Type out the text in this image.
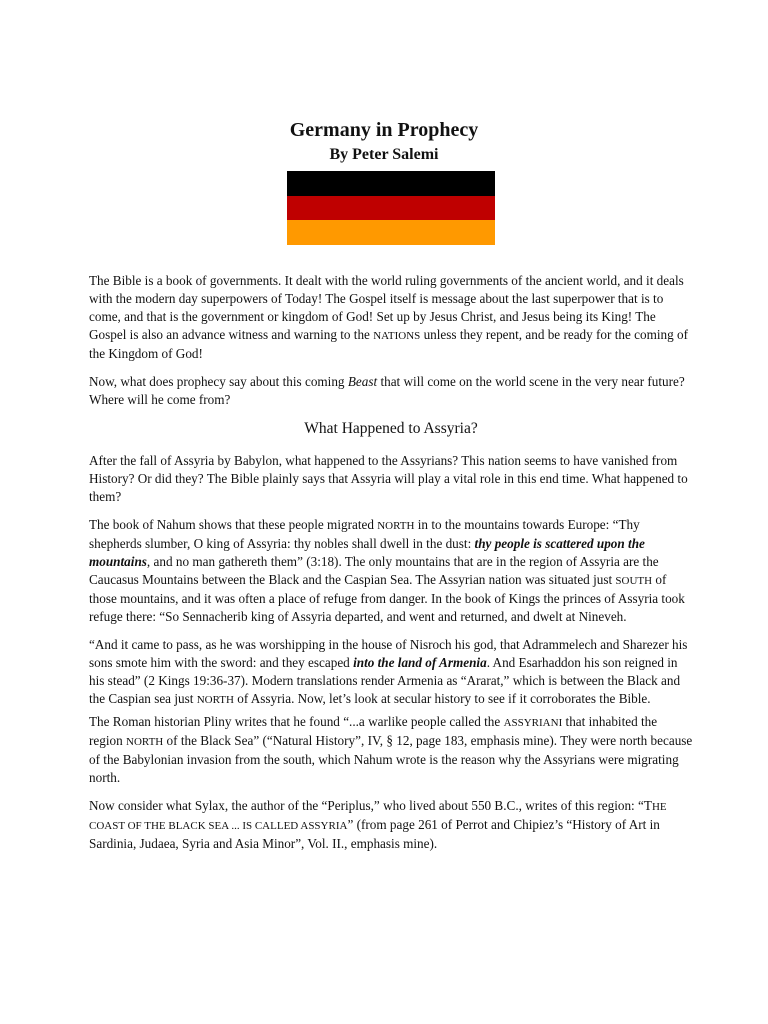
Germany in Prophecy
By Peter Salemi

The Bible is a book of governments. It dealt with the world ruling governments of the ancient world, and it deals with the modern day superpowers of Today! The Gospel itself is message about the last superpower that is to come, and that is the government or kingdom of God! Set up by Jesus Christ, and Jesus being its King! The Gospel is also an advance witness and warning to the NATIONS unless they repent, and be ready for the coming of the Kingdom of God!

Now, what does prophecy say about this coming Beast that will come on the world scene in the very near future? Where will he come from?

What Happened to Assyria?

After the fall of Assyria by Babylon, what happened to the Assyrians? This nation seems to have vanished from History? Or did they? The Bible plainly says that Assyria will play a vital role in this end time. What happened to them?

The book of Nahum shows that these people migrated NORTH in to the mountains towards Europe: “Thy shepherds slumber, O king of Assyria: thy nobles shall dwell in the dust: thy people is scattered upon the mountains, and no man gathereth them” (3:18). The only mountains that are in the region of Assyria are the Caucasus Mountains between the Black and the Caspian Sea. The Assyrian nation was situated just SOUTH of those mountains, and it was often a place of refuge from danger. In the book of Kings the princes of Assyria took refuge there: “So Sennacherib king of Assyria departed, and went and returned, and dwelt at Nineveh.

“And it came to pass, as he was worshipping in the house of Nisroch his god, that Adrammelech and Sharezer his sons smote him with the sword: and they escaped into the land of Armenia. And Esarhaddon his son reigned in his stead” (2 Kings 19:36-37). Modern translations render Armenia as “Ararat,” which is between the Black and the Caspian sea just NORTH of Assyria. Now, let’s look at secular history to see if it corroborates the Bible.

The Roman historian Pliny writes that he found “...a warlike people called the ASSYRIANI that inhabited the region NORTH of the Black Sea” (“Natural History”, IV, § 12, page 183, emphasis mine). They were north because of the Babylonian invasion from the south, which Nahum wrote is the reason why the Assyrians were migrating north.

Now consider what Sylax, the author of the “Periplus,” who lived about 550 B.C., writes of this region: “THE COAST OF THE BLACK SEA ... IS CALLED ASSYRIA” (from page 261 of Perrot and Chipiez’s “History of Art in Sardinia, Judaea, Syria and Asia Minor”, Vol. II., emphasis mine).
